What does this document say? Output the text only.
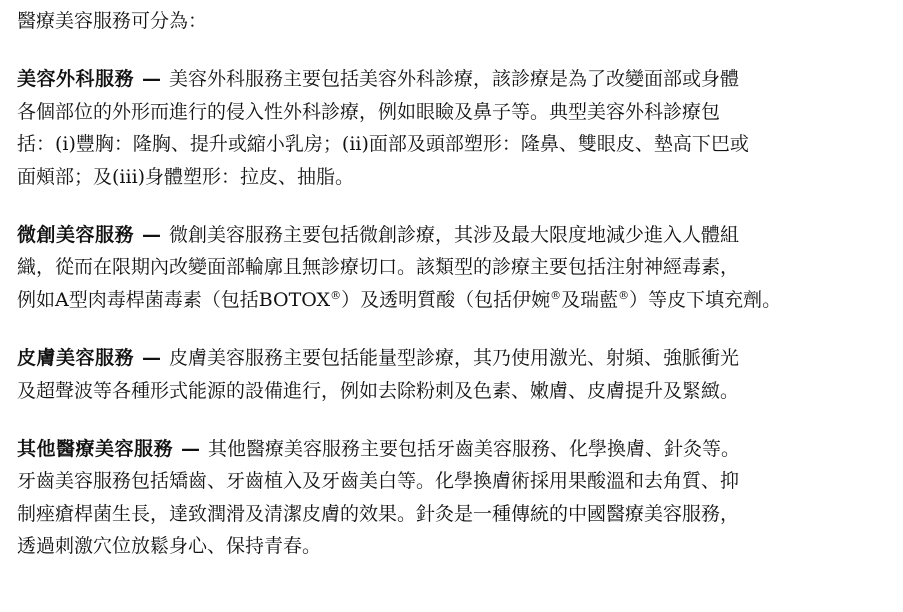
醫療美容服務可分為：

美容外科服務 — 美容外科服務主要包括美容外科診療，該診療是為了改變面部或身體
各個部位的外形而進行的侵入性外科診療，例如眼瞼及鼻子等。典型美容外科診療包
括：(i)豐胸：隆胸、提升或縮小乳房；(ii)面部及頭部塑形：隆鼻、雙眼皮、墊高下巴或
面頰部；及(iii)身體塑形：拉皮、抽脂。
微創美容服務 — 微創美容服務主要包括微創診療，其涉及最大限度地減少進入人體組
織，從而在限期內改變面部輪廓且無診療切口。該類型的診療主要包括注射神經毒素，
例如A型肉毒桿菌毒素（包括BOTOX®）及透明質酸（包括伊婉®及瑞藍®）等皮下填充劑。
皮膚美容服務 — 皮膚美容服務主要包括能量型診療，其乃使用激光、射頻、強脈衝光
及超聲波等各種形式能源的設備進行，例如去除粉刺及色素、嫩膚、皮膚提升及緊緻。
其他醫療美容服務 — 其他醫療美容服務主要包括牙齒美容服務、化學換膚、針灸等。
牙齒美容服務包括矯齒、牙齒植入及牙齒美白等。化學換膚術採用果酸溫和去角質、抑
制痤瘡桿菌生長，達致潤滑及清潔皮膚的效果。針灸是一種傳統的中國醫療美容服務，
透過刺激穴位放鬆身心、保持青春。
